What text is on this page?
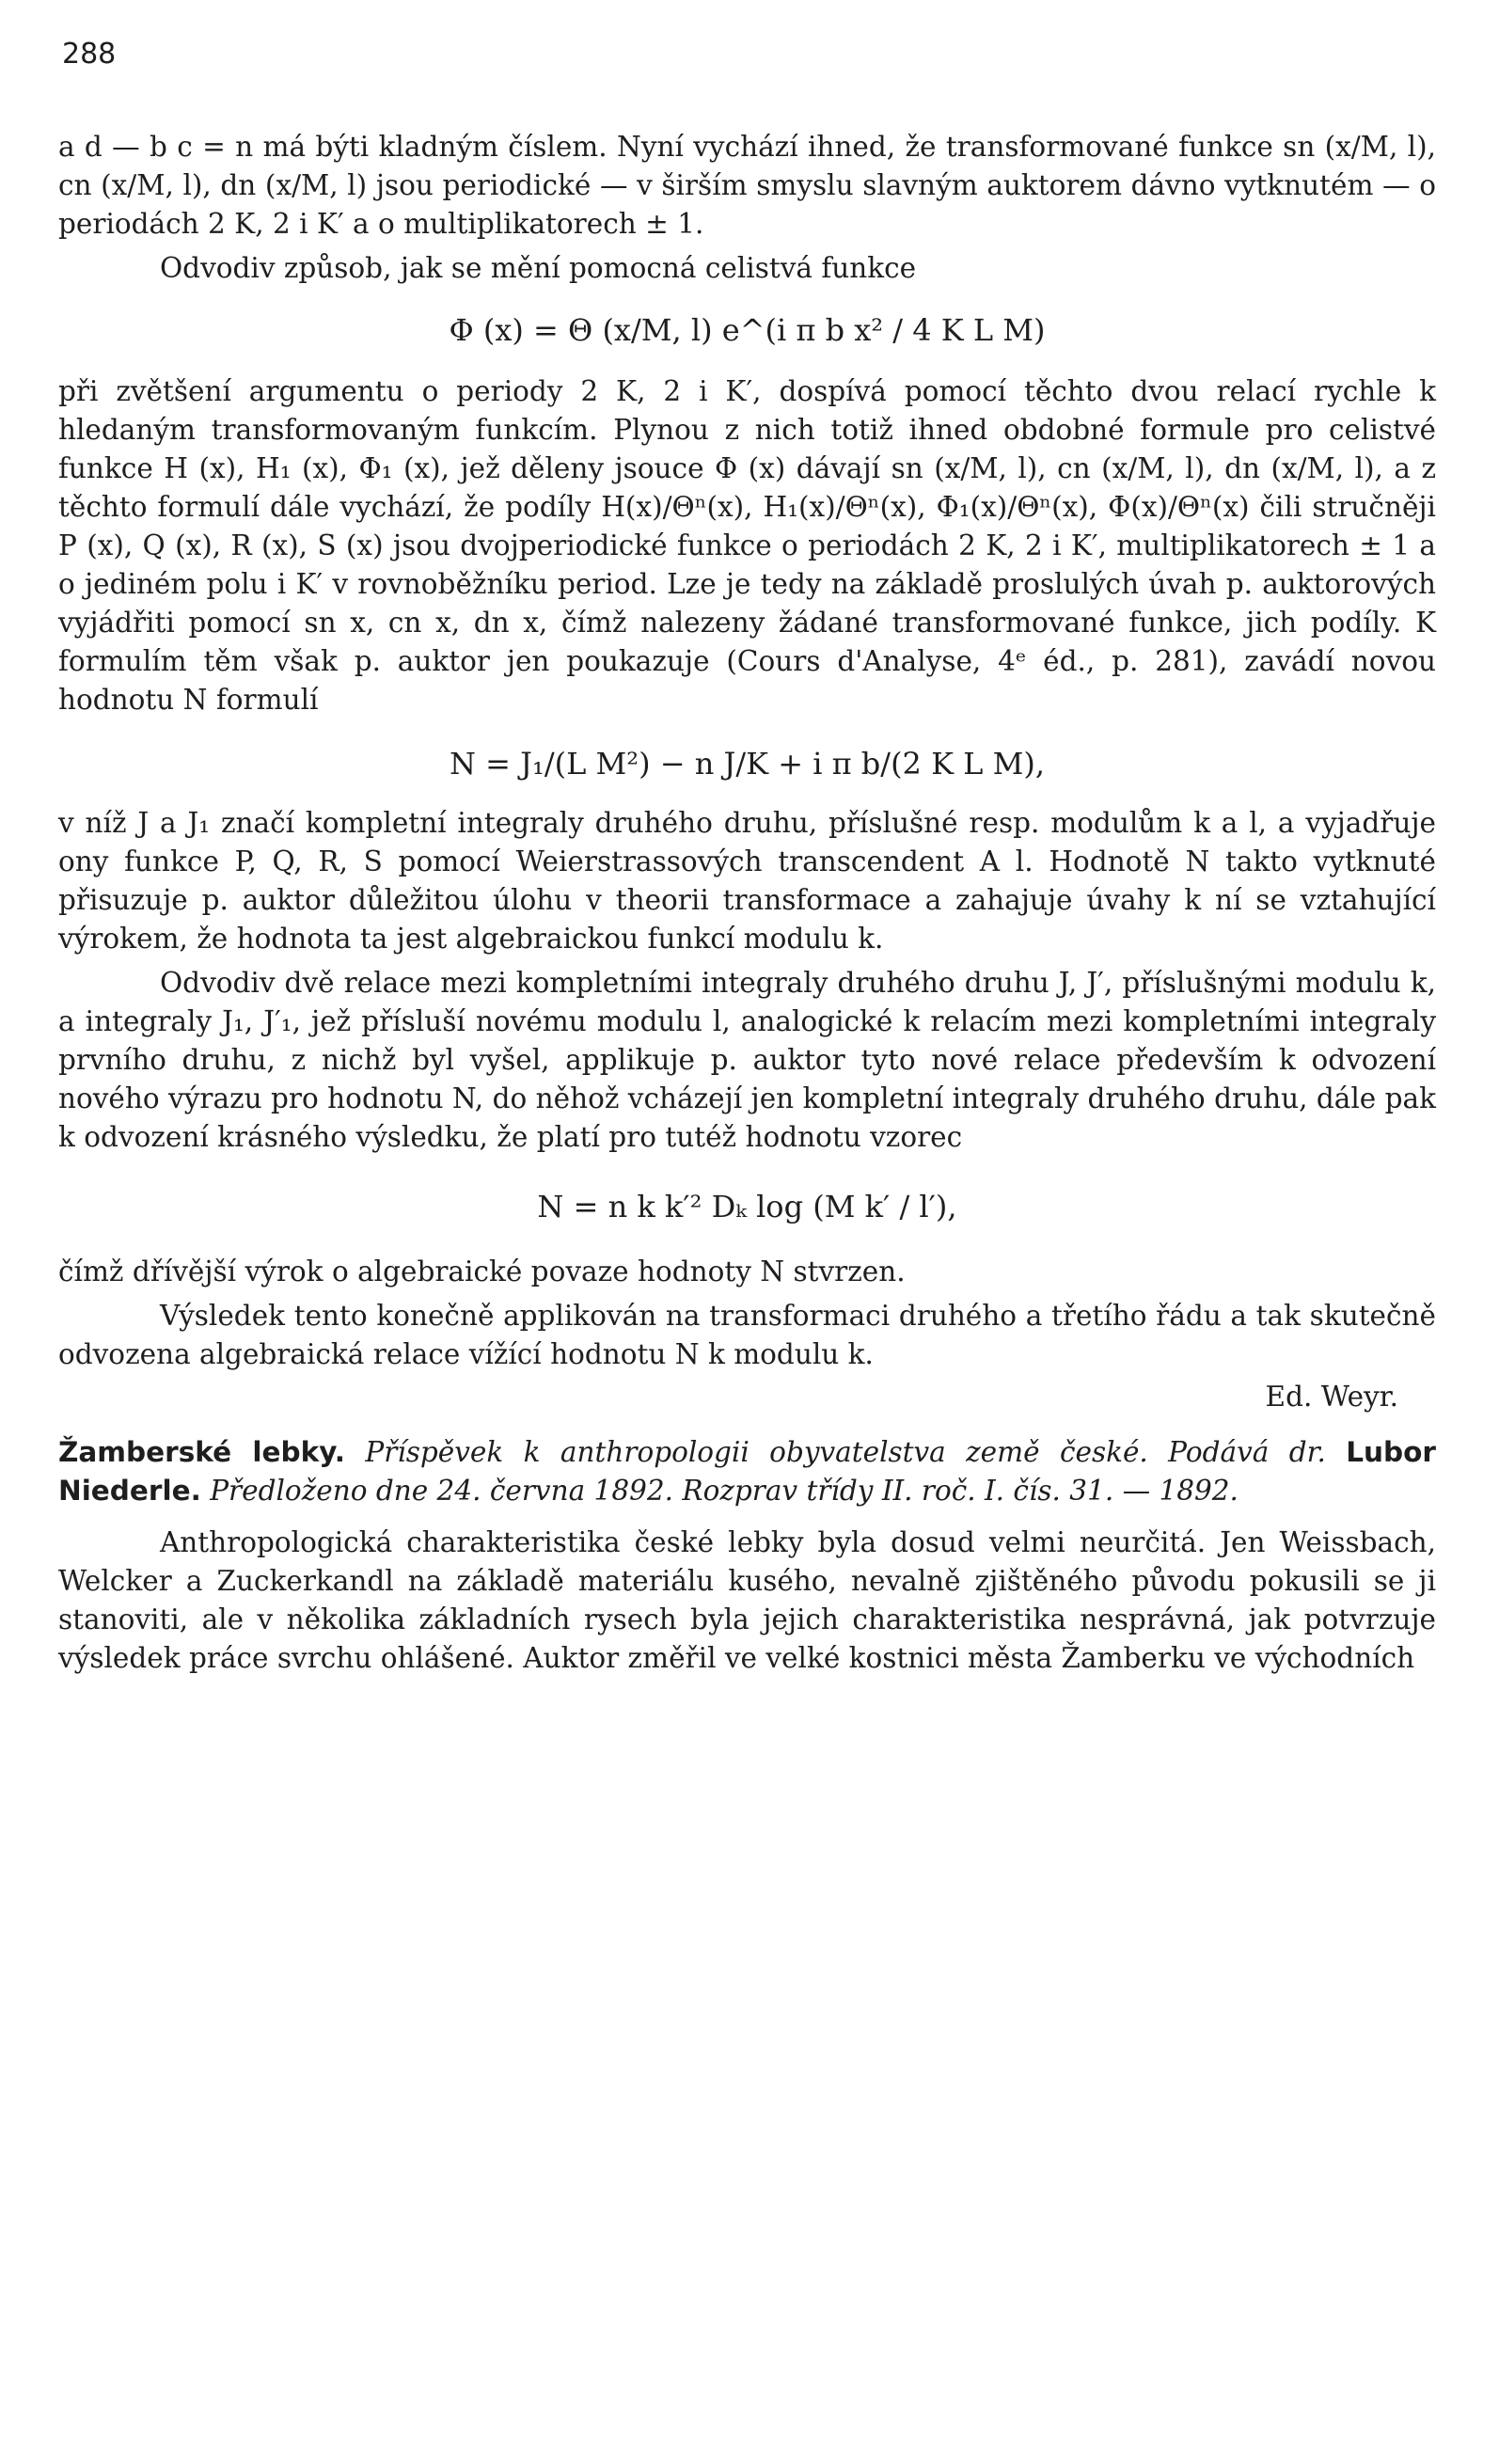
288

a d — b c = n má býti kladným číslem. Nyní vychází ihned, že transformované funkce sn (x/M, l), cn (x/M, l), dn (x/M, l) jsou periodické — v širším smyslu slavným auktorem dávno vytknutém — o periodách 2 K, 2 i K′ a o multiplikatorech ± 1.

Odvodiv způsob, jak se mění pomocná celistvá funkce

Φ (x) = Θ (x/M, l) e^(i π b x² / 4 K L M)

při zvětšení argumentu o periody 2 K, 2 i K′, dospívá pomocí těchto dvou relací rychle k hledaným transformovaným funkcím. Plynou z nich totiž ihned obdobné formule pro celistvé funkce H (x), H₁ (x), Φ₁ (x), jež děleny jsouce Φ (x) dávají sn (x/M, l), cn (x/M, l), dn (x/M, l), a z těchto formulí dále vychází, že podíly H(x)/Θⁿ(x), H₁(x)/Θⁿ(x), Φ₁(x)/Θⁿ(x), Φ(x)/Θⁿ(x) čili stručněji P (x), Q (x), R (x), S (x) jsou dvojperiodické funkce o periodách 2 K, 2 i K′, multiplikatorech ± 1 a o jediném polu i K′ v rovnoběžníku period. Lze je tedy na základě proslulých úvah p. auktorových vyjádřiti pomocí sn x, cn x, dn x, čímž nalezeny žádané transformované funkce, jich podíly. K formulím těm však p. auktor jen poukazuje (Cours d'Analyse, 4ᵉ éd., p. 281), zavádí novou hodnotu N formulí

N = J₁/(L M²) − n J/K + i π b/(2 K L M),

v níž J a J₁ značí kompletní integraly druhého druhu, příslušné resp. modulům k a l, a vyjadřuje ony funkce P, Q, R, S pomocí Weierstrassových transcendent A l. Hodnotě N takto vytknuté přisuzuje p. auktor důležitou úlohu v theorii transformace a zahajuje úvahy k ní se vztahující výrokem, že hodnota ta jest algebraickou funkcí modulu k.

Odvodiv dvě relace mezi kompletními integraly druhého druhu J, J′, příslušnými modulu k, a integraly J₁, J′₁, jež přísluší novému modulu l, analogické k relacím mezi kompletními integraly prvního druhu, z nichž byl vyšel, applikuje p. auktor tyto nové relace především k odvození nového výrazu pro hodnotu N, do něhož vcházejí jen kompletní integraly druhého druhu, dále pak k odvození krásného výsledku, že platí pro tutéž hodnotu vzorec

N = n k k′² Dₖ log (M k′ / l′),

čímž dřívější výrok o algebraické povaze hodnoty N stvrzen.

Výsledek tento konečně applikován na transformaci druhého a třetího řádu a tak skutečně odvozena algebraická relace vížící hodnotu N k modulu k.

Ed. Weyr.

Žamberské lebky. Příspěvek k anthropologii obyvatelstva země české. Podává dr. Lubor Niederle. Předloženo dne 24. června 1892. Rozprav třídy II. roč. I. čís. 31. — 1892.

Anthropologická charakteristika české lebky byla dosud velmi neurčitá. Jen Weissbach, Welcker a Zuckerkandl na základě materiálu kusého, nevalně zjištěného původu pokusili se ji stanoviti, ale v několika základních rysech byla jejich charakteristika nesprávná, jak potvrzuje výsledek práce svrchu ohlášené. Auktor změřil ve velké kostnici města Žamberku ve východních
